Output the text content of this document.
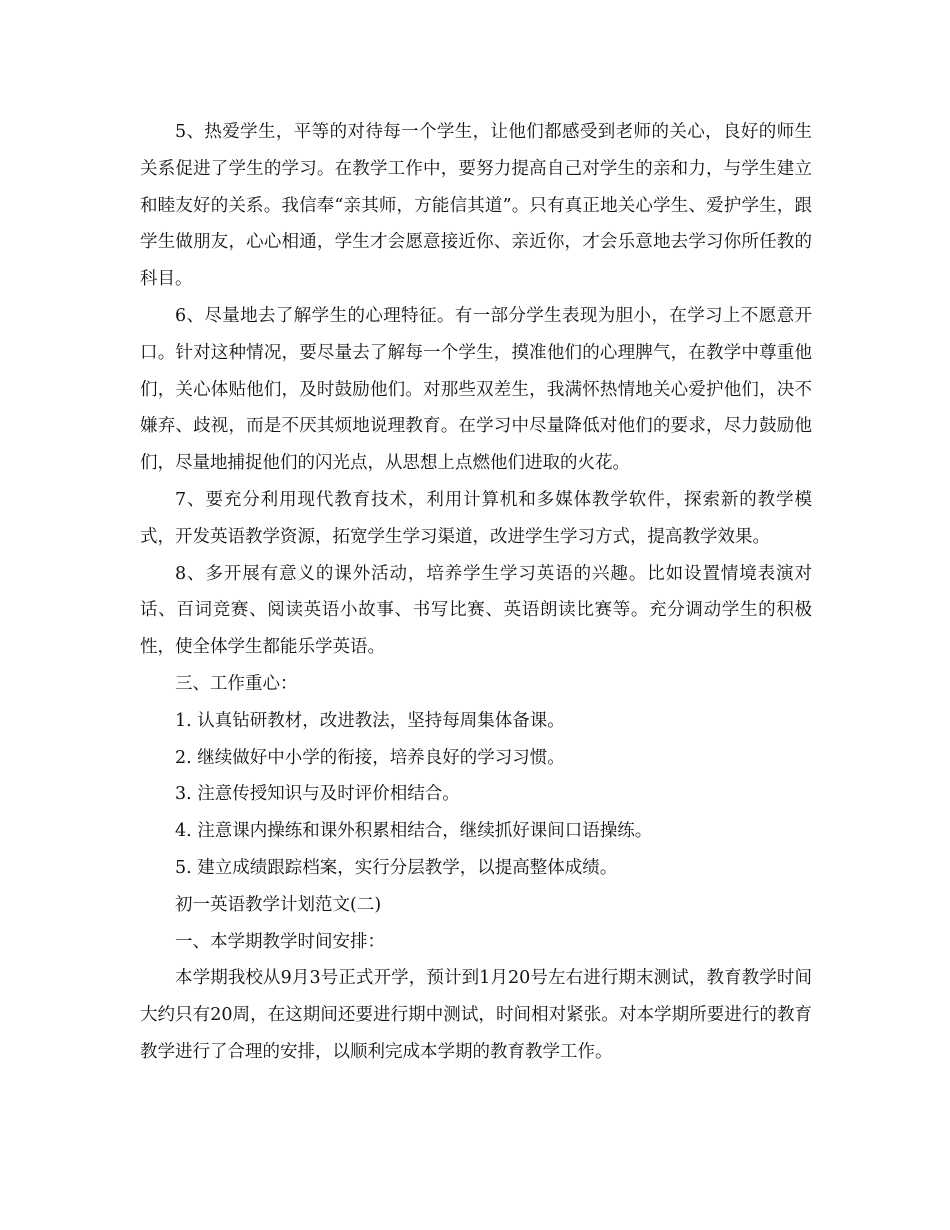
5、热爱学生，平等的对待每一个学生，让他们都感受到老师的关心，良好的师生关系促进了学生的学习。在教学工作中，要努力提高自己对学生的亲和力，与学生建立和睦友好的关系。我信奉“亲其师，方能信其道”。只有真正地关心学生、爱护学生，跟学生做朋友，心心相通，学生才会愿意接近你、亲近你，才会乐意地去学习你所任教的科目。

6、尽量地去了解学生的心理特征。有一部分学生表现为胆小，在学习上不愿意开口。针对这种情况，要尽量去了解每一个学生，摸准他们的心理脾气，在教学中尊重他们，关心体贴他们，及时鼓励他们。对那些双差生，我满怀热情地关心爱护他们，决不嫌弃、歧视，而是不厌其烦地说理教育。在学习中尽量降低对他们的要求，尽力鼓励他们，尽量地捕捉他们的闪光点，从思想上点燃他们进取的火花。

7、要充分利用现代教育技术，利用计算机和多媒体教学软件，探索新的教学模式，开发英语教学资源，拓宽学生学习渠道，改进学生学习方式，提高教学效果。

8、多开展有意义的课外活动，培养学生学习英语的兴趣。比如设置情境表演对话、百词竞赛、阅读英语小故事、书写比赛、英语朗读比赛等。充分调动学生的积极性，使全体学生都能乐学英语。

三、工作重心：

1. 认真钻研教材，改进教法，坚持每周集体备课。

2. 继续做好中小学的衔接，培养良好的学习习惯。

3. 注意传授知识与及时评价相结合。

4. 注意课内操练和课外积累相结合，继续抓好课间口语操练。

5. 建立成绩跟踪档案，实行分层教学，以提高整体成绩。

初一英语教学计划范文(二)

一、本学期教学时间安排：

本学期我校从9月3号正式开学，预计到1月20号左右进行期末测试，教育教学时间大约只有20周，在这期间还要进行期中测试，时间相对紧张。对本学期所要进行的教育教学进行了合理的安排，以顺利完成本学期的教育教学工作。
